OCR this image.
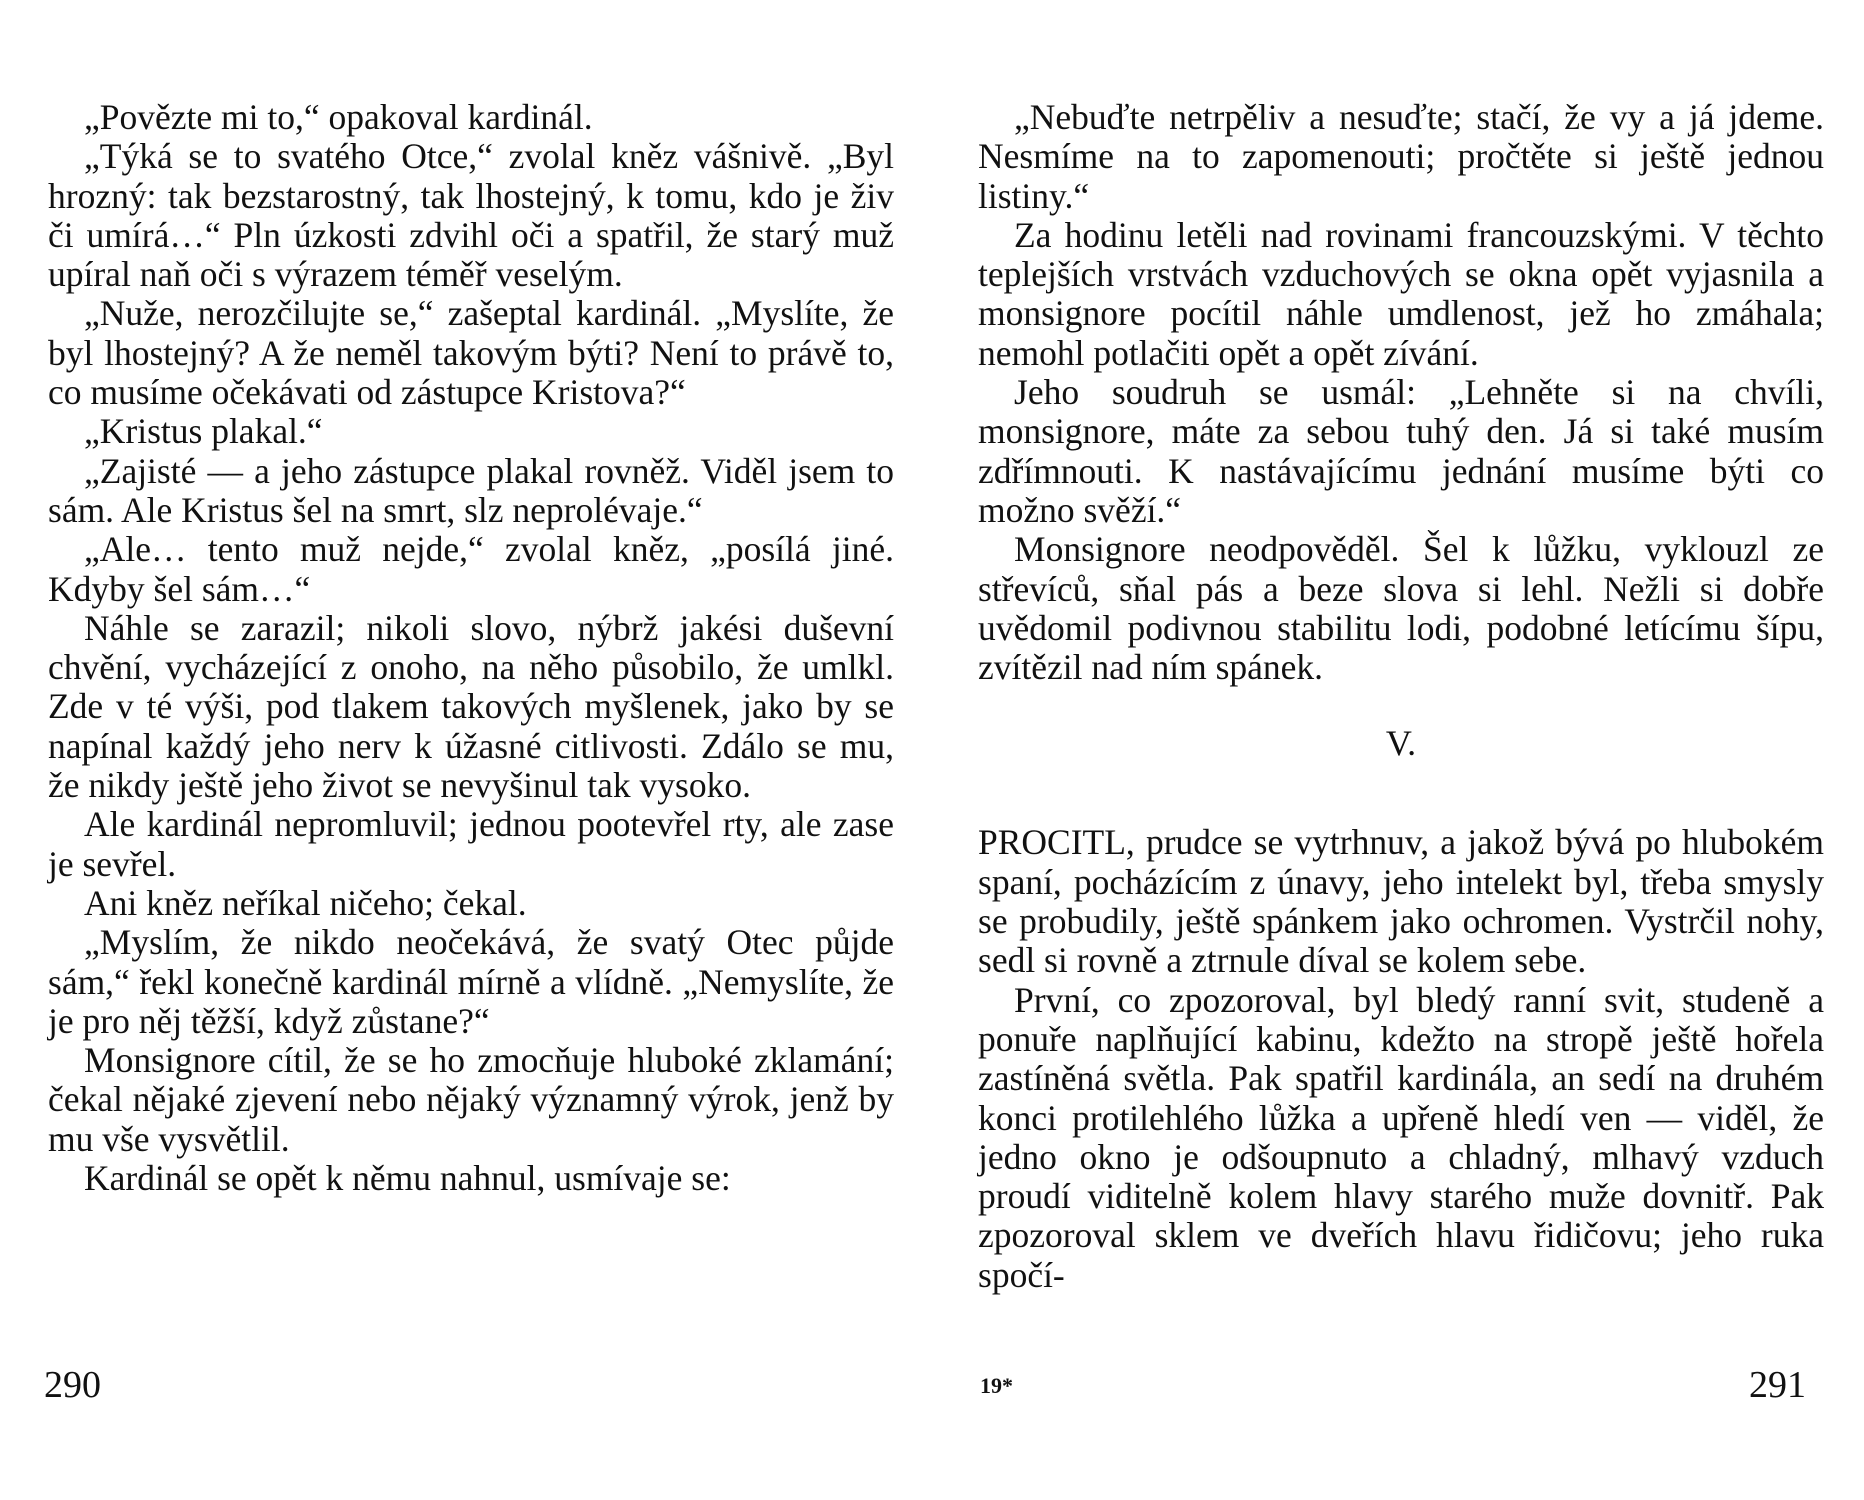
„Povězte mi to,“ opakoval kardinál.

„Týká se to svatého Otce,“ zvolal kněz vášnivě. „Byl hrozný: tak bezstarostný, tak lhostejný, k tomu, kdo je živ či umírá…“ Pln úzkosti zdvihl oči a spatřil, že starý muž upíral naň oči s výrazem téměř veselým.

„Nuže, nerozčilujte se,“ zašeptal kardinál. „Myslíte, že byl lhostejný? A že neměl takovým býti? Není to právě to, co musíme očekávati od zástupce Kristova?“

„Kristus plakal.“

„Zajisté — a jeho zástupce plakal rovněž. Viděl jsem to sám. Ale Kristus šel na smrt, slz neprolévaje.“

„Ale… tento muž nejde,“ zvolal kněz, „posílá jiné. Kdyby šel sám…“

Náhle se zarazil; nikoli slovo, nýbrž jakési duševní chvění, vycházející z onoho, na něho působilo, že umlkl. Zde v té výši, pod tlakem takových myšlenek, jako by se napínal každý jeho nerv k úžasné citlivosti. Zdálo se mu, že nikdy ještě jeho život se nevyšinul tak vysoko.

Ale kardinál nepromluvil; jednou pootevřel rty, ale zase je sevřel.

Ani kněz neříkal ničeho; čekal.

„Myslím, že nikdo neočekává, že svatý Otec půjde sám,“ řekl konečně kardinál mírně a vlídně. „Nemyslíte, že je pro něj těžší, když zůstane?“

Monsignore cítil, že se ho zmocňuje hluboké zklamání; čekal nějaké zjevení nebo nějaký významný výrok, jenž by mu vše vysvětlil.

Kardinál se opět k němu nahnul, usmívaje se:

290

„Nebuďte netrpěliv a nesuďte; stačí, že vy a já jdeme. Nesmíme na to zapomenouti; pročtěte si ještě jednou listiny.“

Za hodinu letěli nad rovinami francouzskými. V těchto teplejších vrstvách vzduchových se okna opět vyjasnila a monsignore pocítil náhle umdlenost, jež ho zmáhala; nemohl potlačiti opět a opět zívání.

Jeho soudruh se usmál: „Lehněte si na chvíli, monsignore, máte za sebou tuhý den. Já si také musím zdřímnouti. K nastávajícímu jednání musíme býti co možno svěží.“

Monsignore neodpověděl. Šel k lůžku, vyklouzl ze střevíců, sňal pás a beze slova si lehl. Nežli si dobře uvědomil podivnou stabilitu lodi, podobné letícímu šípu, zvítězil nad ním spánek.

V.

PROCITL, prudce se vytrhnuv, a jakož bývá po hlubokém spaní, pocházícím z únavy, jeho intelekt byl, třeba smysly se probudily, ještě spánkem jako ochromen. Vystrčil nohy, sedl si rovně a ztrnule díval se kolem sebe.

První, co zpozoroval, byl bledý ranní svit, studeně a ponuře naplňující kabinu, kdežto na stropě ještě hořela zastíněná světla. Pak spatřil kardinála, an sedí na druhém konci protilehlého lůžka a upřeně hledí ven — viděl, že jedno okno je odšoupnuto a chladný, mlhavý vzduch proudí viditelně kolem hlavy starého muže dovnitř. Pak zpozoroval sklem ve dveřích hlavu řidičovu; jeho ruka spočí-

19*	291
